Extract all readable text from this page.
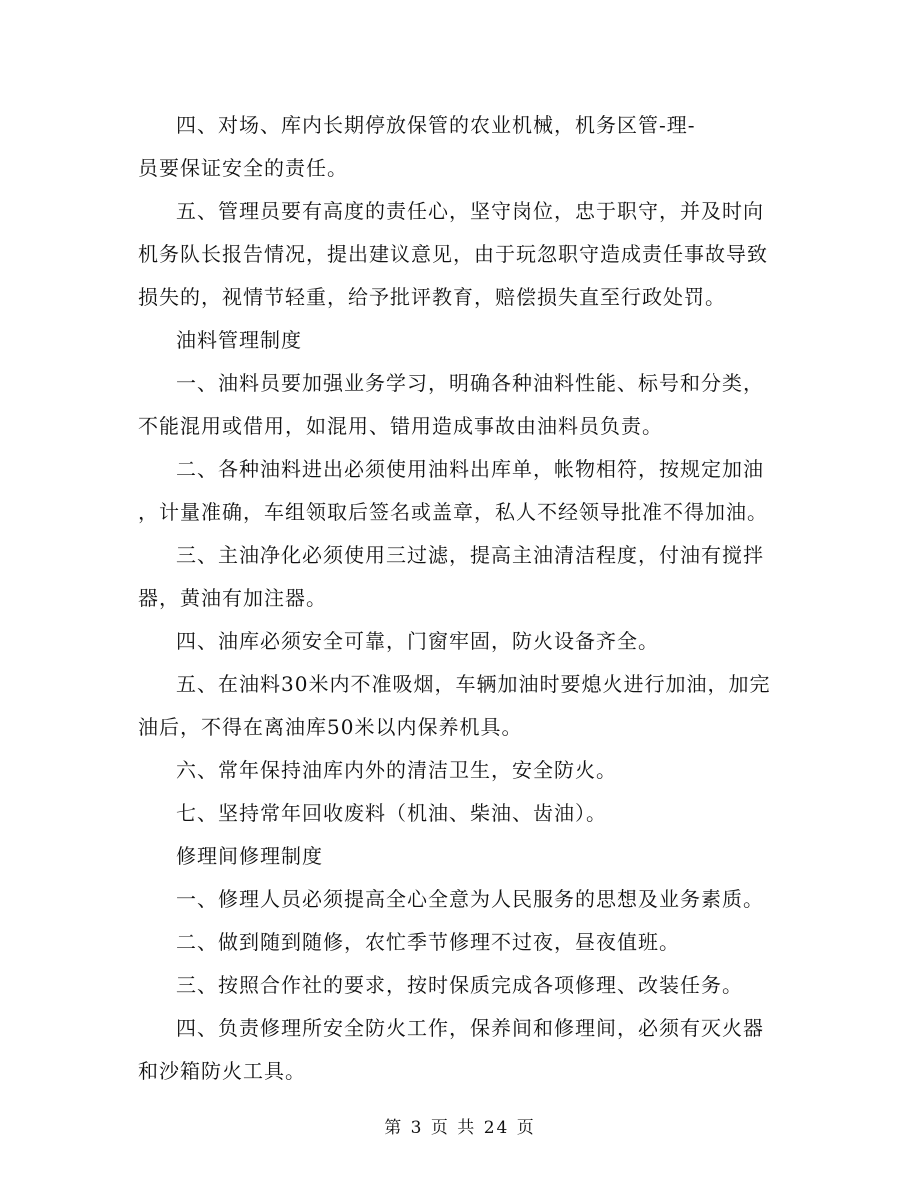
四、对场、库内长期停放保管的农业机械，机务区管-理-
员要保证安全的责任。
五、管理员要有高度的责任心，坚守岗位，忠于职守，并及时向
机务队长报告情况，提出建议意见，由于玩忽职守造成责任事故导致
损失的，视情节轻重，给予批评教育，赔偿损失直至行政处罚。
油料管理制度
一、油料员要加强业务学习，明确各种油料性能、标号和分类，
不能混用或借用，如混用、错用造成事故由油料员负责。
二、各种油料进出必须使用油料出库单，帐物相符，按规定加油
，计量准确，车组领取后签名或盖章，私人不经领导批准不得加油。
三、主油净化必须使用三过滤，提高主油清洁程度，付油有搅拌
器，黄油有加注器。
四、油库必须安全可靠，门窗牢固，防火设备齐全。
五、在油料30米内不准吸烟，车辆加油时要熄火进行加油，加完
油后，不得在离油库50米以内保养机具。
六、常年保持油库内外的清洁卫生，安全防火。
七、坚持常年回收废料（机油、柴油、齿油）。
修理间修理制度
一、修理人员必须提高全心全意为人民服务的思想及业务素质。
二、做到随到随修，农忙季节修理不过夜，昼夜值班。
三、按照合作社的要求，按时保质完成各项修理、改装任务。
四、负责修理所安全防火工作，保养间和修理间，必须有灭火器
和沙箱防火工具。
第 3 页 共 24 页
